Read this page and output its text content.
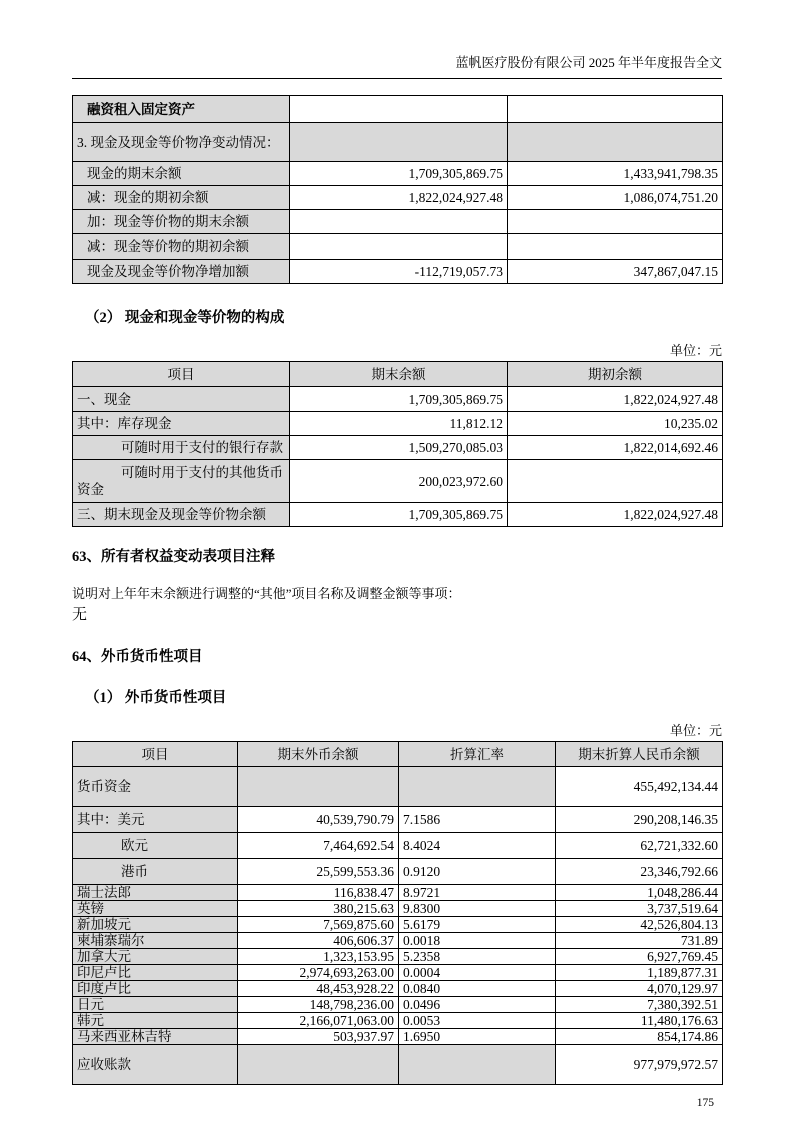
蓝帆医疗股份有限公司 2025 年半年度报告全文
融资租入固定资产		
3. 现金及现金等价物净变动情况：		
现金的期末余额	1,709,305,869.75	1,433,941,798.35
减：现金的期初余额	1,822,024,927.48	1,086,074,751.20
加：现金等价物的期末余额		
减：现金等价物的期初余额		
现金及现金等价物净增加额	-112,719,057.73	347,867,047.15
（2） 现金和现金等价物的构成
单位：元
项目	期末余额	期初余额
一、现金	1,709,305,869.75	1,822,024,927.48
其中：库存现金	11,812.12	10,235.02
可随时用于支付的银行存款	1,509,270,085.03	1,822,014,692.46
可随时用于支付的其他货币资金	200,023,972.60	
三、期末现金及现金等价物余额	1,709,305,869.75	1,822,024,927.48
63、所有者权益变动表项目注释
说明对上年年末余额进行调整的“其他”项目名称及调整金额等事项：
无
64、外币货币性项目
（1） 外币货币性项目
单位：元
项目	期末外币余额	折算汇率	期末折算人民币余额
货币资金			455,492,134.44
其中：美元	40,539,790.79	7.1586	290,208,146.35
欧元	7,464,692.54	8.4024	62,721,332.60
港币	25,599,553.36	0.9120	23,346,792.66
瑞士法郎	116,838.47	8.9721	1,048,286.44
英镑	380,215.63	9.8300	3,737,519.64
新加坡元	7,569,875.60	5.6179	42,526,804.13
柬埔寨瑞尔	406,606.37	0.0018	731.89
加拿大元	1,323,153.95	5.2358	6,927,769.45
印尼卢比	2,974,693,263.00	0.0004	1,189,877.31
印度卢比	48,453,928.22	0.0840	4,070,129.97
日元	148,798,236.00	0.0496	7,380,392.51
韩元	2,166,071,063.00	0.0053	11,480,176.63
马来西亚林吉特	503,937.97	1.6950	854,174.86
应收账款			977,979,972.57
175
